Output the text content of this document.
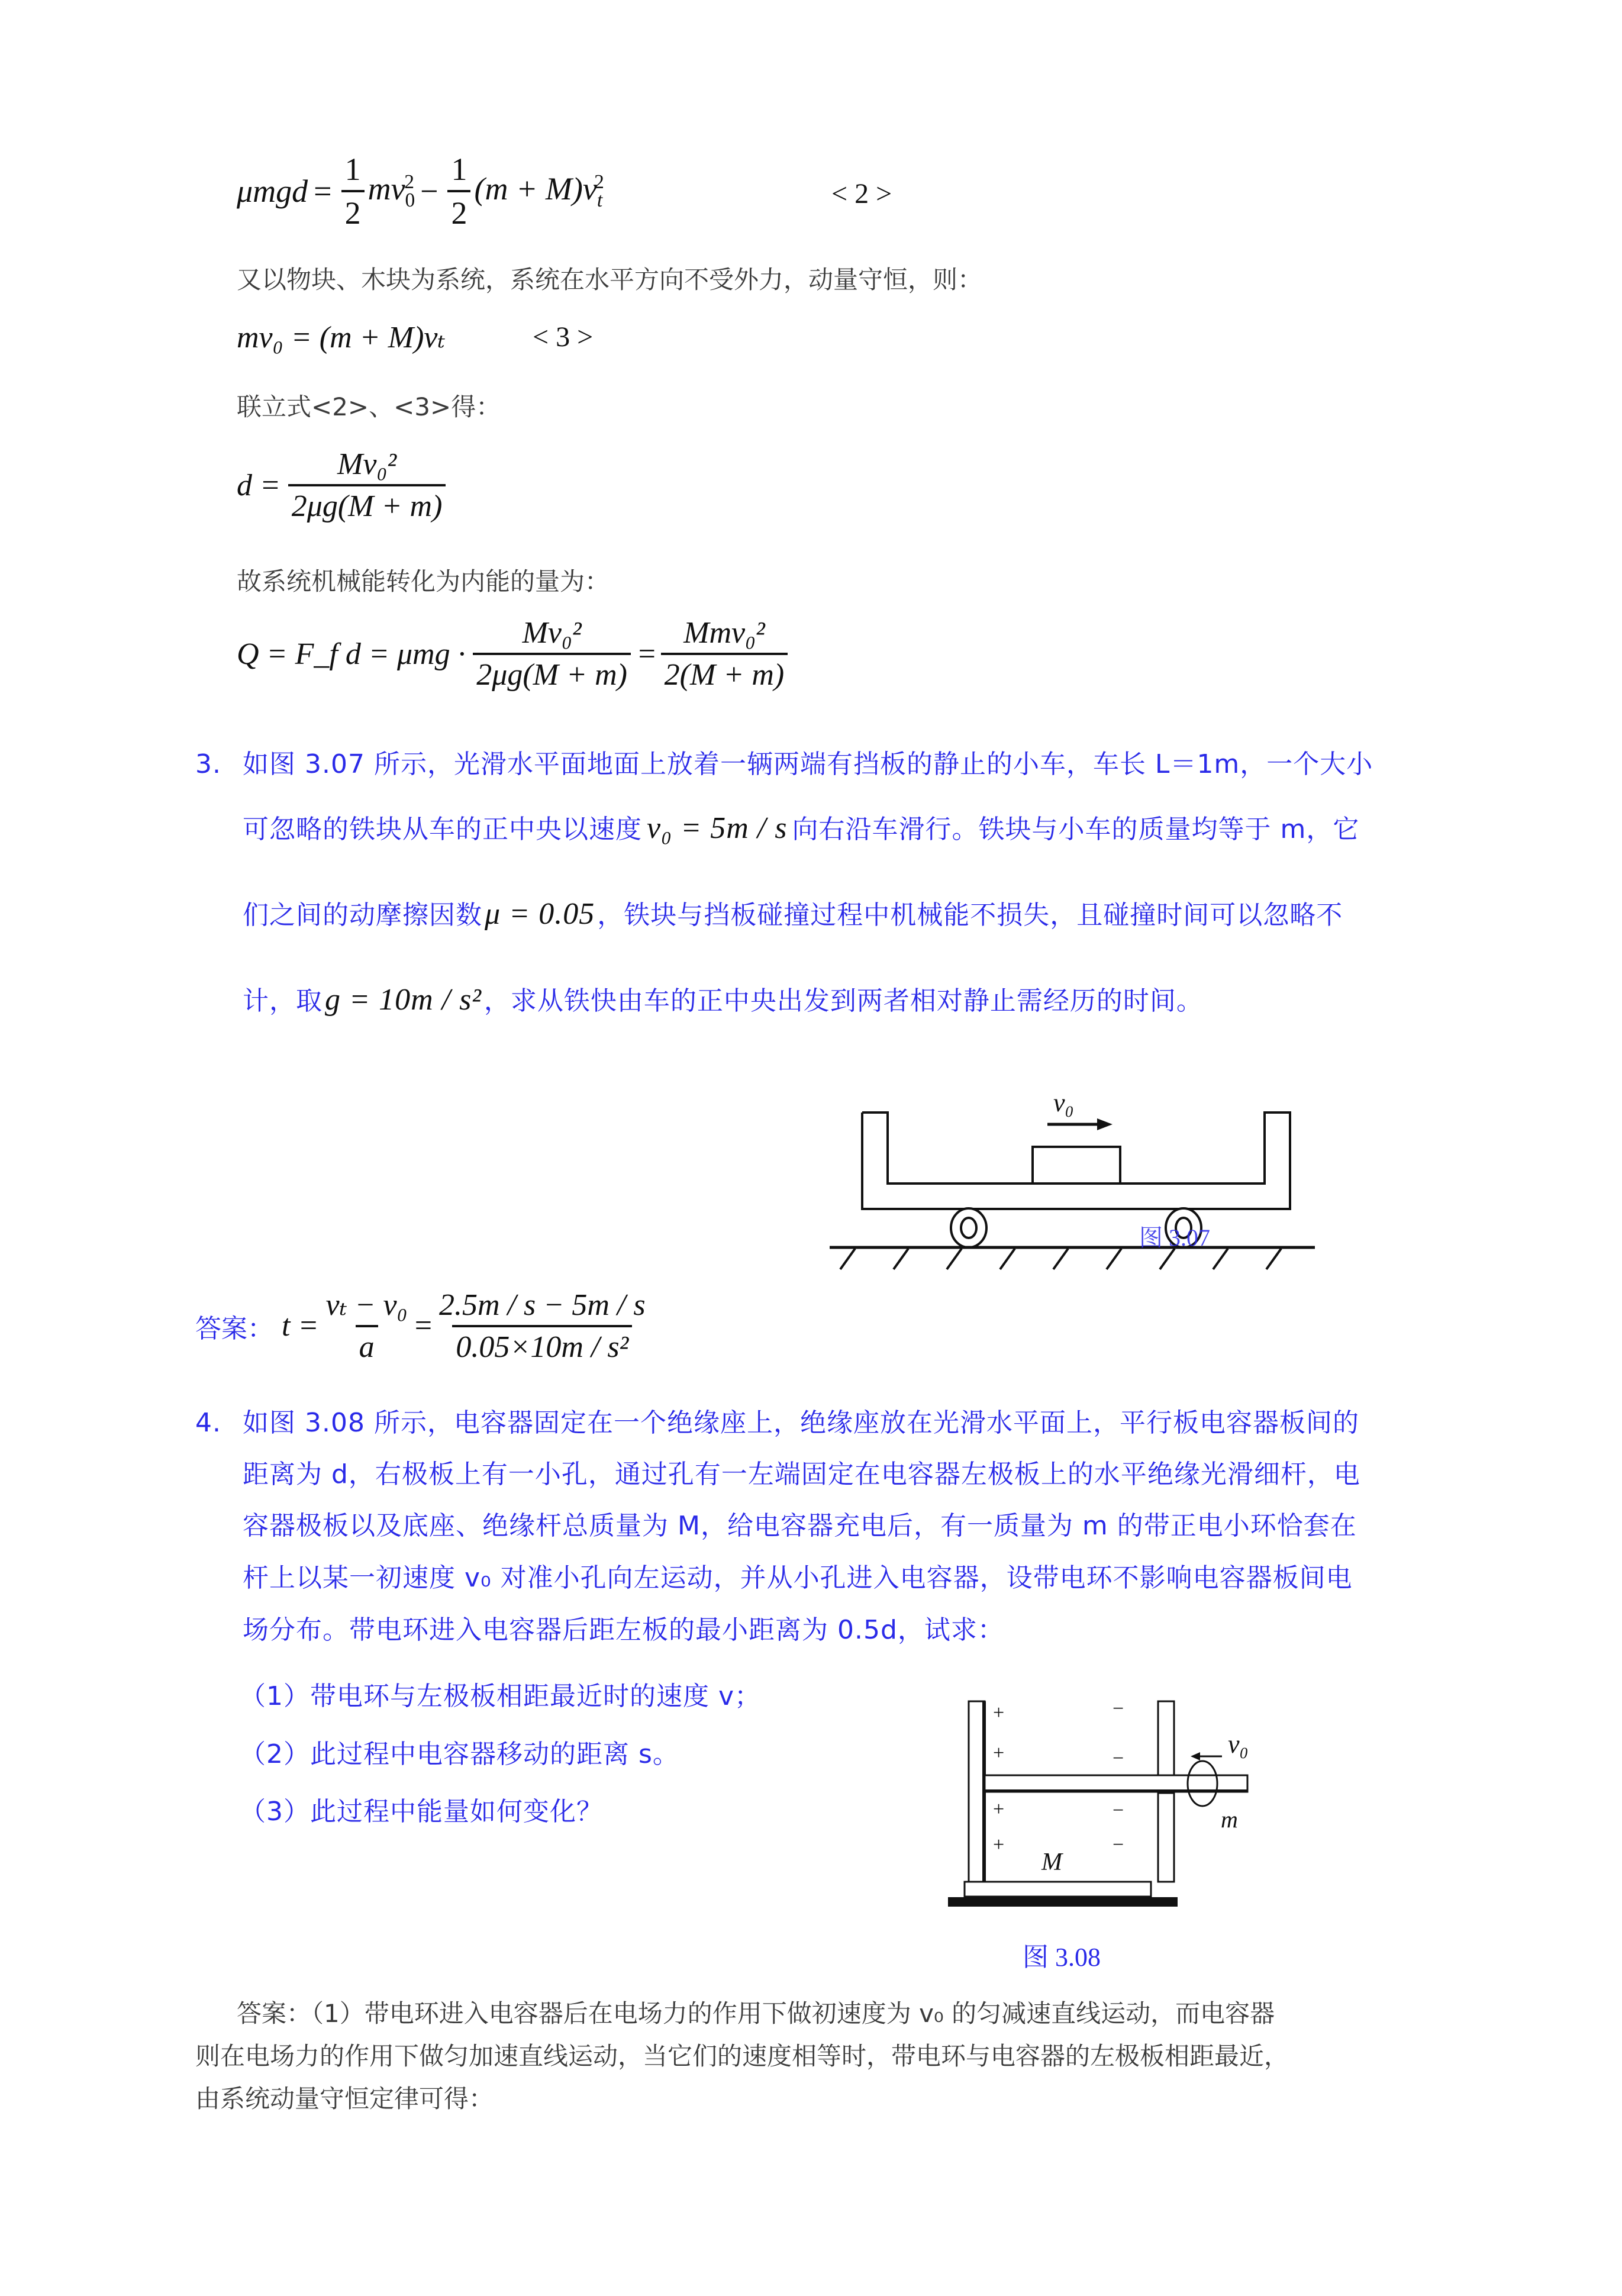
$\mu mgd = \frac{1}{2} mv_0^2 - \frac{1}{2} (m + M)v_t^2$	< 2 >
又以物块、木块为系统，系统在水平方向不受外力，动量守恒，则：
mv₀ = (m + M)vₜ	< 3 >
联立式<2>、<3>得：
$d = \frac{\text{Mv₀²}}{2\mu g(M + m)}$
故系统机械能转化为内能的量为：
Q = F_f $d = \mu mg \cdot \frac{\text{Mv₀²}}{2\mu g(M + m)} = \frac{\text{Mmv₀²}}{2(M + m)}$
3. 如图 3.07 所示，光滑水平面地面上放着一辆两端有挡板的静止的小车，车长 L＝1m，一个大小
可忽略的铁块从车的正中央以速度 v₀ = 5m / s 向右沿车滑行。铁块与小车的质量均等于 m，它
们之间的动摩擦因数μ = 0.05，铁块与挡板碰撞过程中机械能不损失，且碰撞时间可以忽略不
计，取g = 10m / s²，求从铁快由车的正中央出发到两者相对静止需经历的时间。
v₀
图 3.07
答案： $t = \frac{\text{vₜ − v₀}}{a} = \frac{2.5m / s - 5m / s}{\text{0.05×10m / s²}}$
4. 如图 3.08 所示，电容器固定在一个绝缘座上，绝缘座放在光滑水平面上，平行板电容器板间的
距离为 d，右极板上有一小孔，通过孔有一左端固定在电容器左极板上的水平绝缘光滑细杆，电
容器极板以及底座、绝缘杆总质量为 M，给电容器充电后，有一质量为 m 的带正电小环恰套在
杆上以某一初速度 v₀ 对准小孔向左运动，并从小孔进入电容器，设带电环不影响电容器板间电
场分布。带电环进入电容器后距左板的最小距离为 0.5d，试求：
（1）带电环与左极板相距最近时的速度 v；
（2）此过程中电容器移动的距离 s。
（3）此过程中能量如何变化？
v₀
m
+
+
+
+
−
−
−
−
M
图 3.08
答案：（1）带电环进入电容器后在电场力的作用下做初速度为 v₀ 的匀减速直线运动，而电容器
则在电场力的作用下做匀加速直线运动，当它们的速度相等时，带电环与电容器的左极板相距最近，
由系统动量守恒定律可得：
